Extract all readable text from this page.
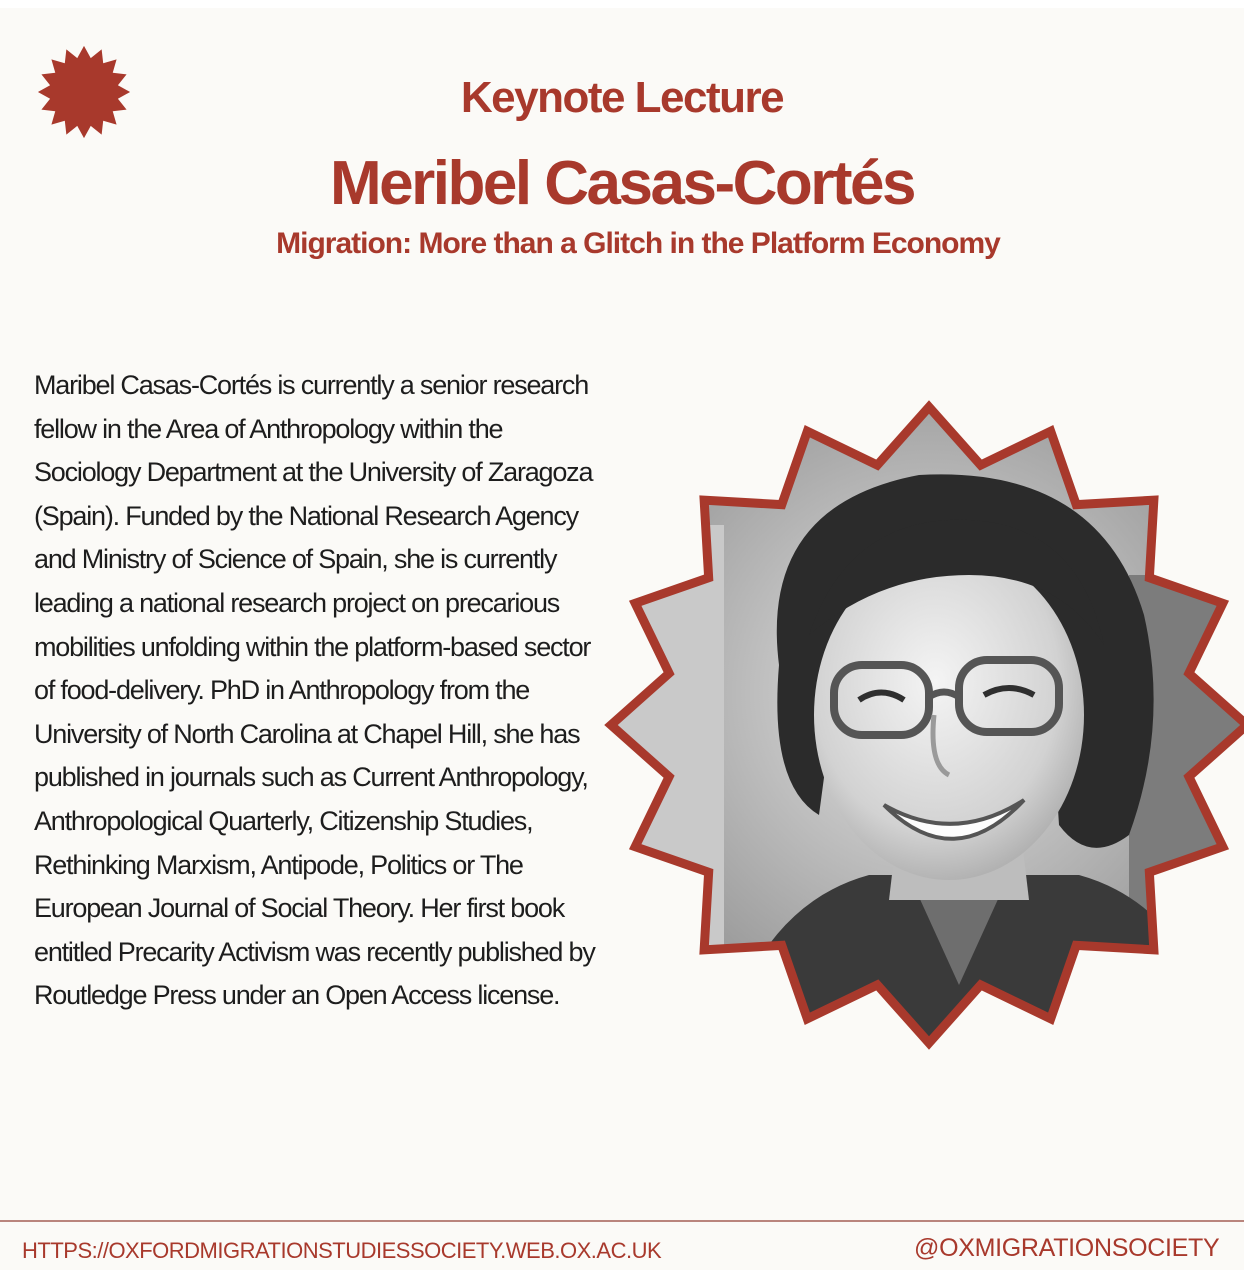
Keynote Lecture
Meribel Casas-Cortés
Migration: More than a Glitch in the Platform Economy

Maribel Casas-Cortés is currently a senior research fellow in the Area of Anthropology within the Sociology Department at the University of Zaragoza (Spain). Funded by the National Research Agency and Ministry of Science of Spain, she is currently leading a national research project on precarious mobilities unfolding within the platform-based sector of food-delivery. PhD in Anthropology from the University of North Carolina at Chapel Hill, she has published in journals such as Current Anthropology, Anthropological Quarterly, Citizenship Studies, Rethinking Marxism, Antipode, Politics or The European Journal of Social Theory. Her first book entitled Precarity Activism was recently published by Routledge Press under an Open Access license.

HTTPS://OXFORDMIGRATIONSTUDIESSOCIETY.WEB.OX.AC.UK	@OXMIGRATIONSOCIETY
